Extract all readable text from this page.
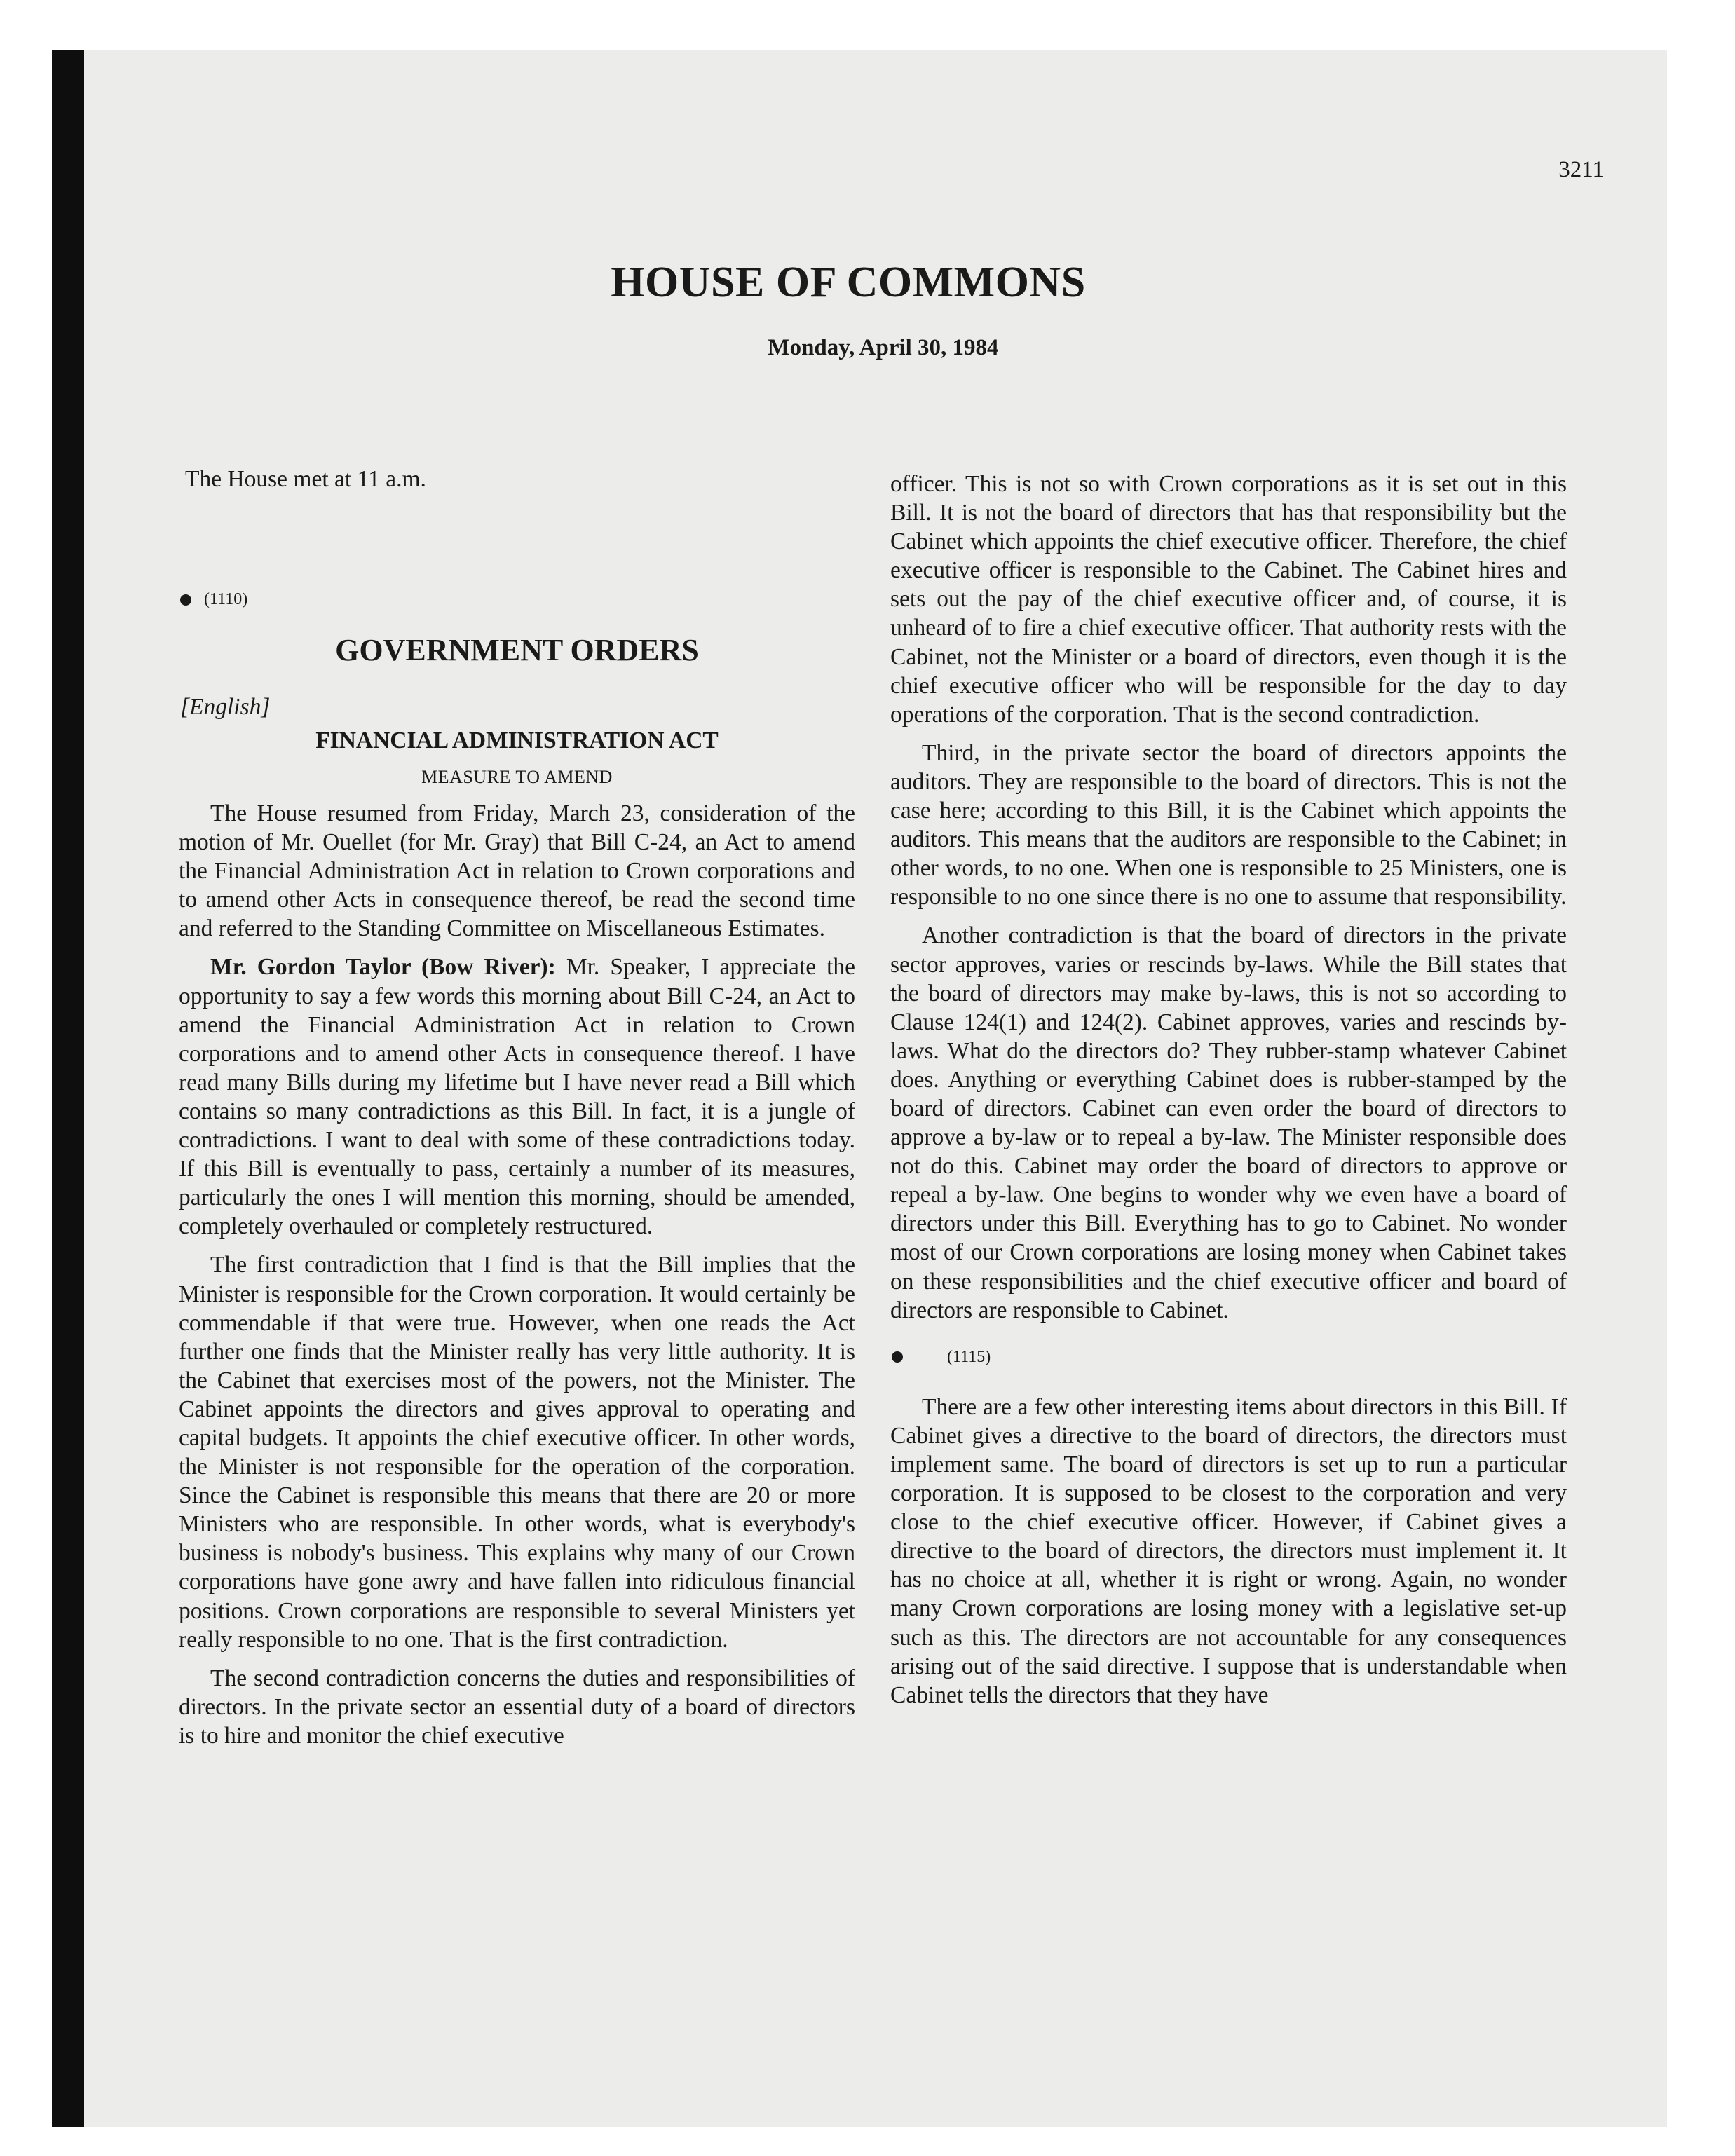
3211

HOUSE OF COMMONS

Monday, April 30, 1984

The House met at 11 a.m.

(1110)

GOVERNMENT ORDERS

[English]

FINANCIAL ADMINISTRATION ACT

MEASURE TO AMEND

The House resumed from Friday, March 23, consideration of the motion of Mr. Ouellet (for Mr. Gray) that Bill C-24, an Act to amend the Financial Administration Act in relation to Crown corporations and to amend other Acts in consequence thereof, be read the second time and referred to the Standing Committee on Miscellaneous Estimates.

Mr. Gordon Taylor (Bow River): Mr. Speaker, I appreciate the opportunity to say a few words this morning about Bill C-24, an Act to amend the Financial Administration Act in relation to Crown corporations and to amend other Acts in consequence thereof. I have read many Bills during my lifetime but I have never read a Bill which contains so many contradictions as this Bill. In fact, it is a jungle of contradictions. I want to deal with some of these contradictions today. If this Bill is eventually to pass, certainly a number of its measures, particularly the ones I will mention this morning, should be amended, completely overhauled or completely restructured.

The first contradiction that I find is that the Bill implies that the Minister is responsible for the Crown corporation. It would certainly be commendable if that were true. However, when one reads the Act further one finds that the Minister really has very little authority. It is the Cabinet that exercises most of the powers, not the Minister. The Cabinet appoints the directors and gives approval to operating and capital budgets. It appoints the chief executive officer. In other words, the Minister is not responsible for the operation of the corporation. Since the Cabinet is responsible this means that there are 20 or more Ministers who are responsible. In other words, what is everybody's business is nobody's business. This explains why many of our Crown corporations have gone awry and have fallen into ridiculous financial positions. Crown corporations are responsible to several Ministers yet really responsible to no one. That is the first contradiction.

The second contradiction concerns the duties and responsibilities of directors. In the private sector an essential duty of a board of directors is to hire and monitor the chief executive

officer. This is not so with Crown corporations as it is set out in this Bill. It is not the board of directors that has that responsibility but the Cabinet which appoints the chief executive officer. Therefore, the chief executive officer is responsible to the Cabinet. The Cabinet hires and sets out the pay of the chief executive officer and, of course, it is unheard of to fire a chief executive officer. That authority rests with the Cabinet, not the Minister or a board of directors, even though it is the chief executive officer who will be responsible for the day to day operations of the corporation. That is the second contradiction.

Third, in the private sector the board of directors appoints the auditors. They are responsible to the board of directors. This is not the case here; according to this Bill, it is the Cabinet which appoints the auditors. This means that the auditors are responsible to the Cabinet; in other words, to no one. When one is responsible to 25 Ministers, one is responsible to no one since there is no one to assume that responsibility.

Another contradiction is that the board of directors in the private sector approves, varies or rescinds by-laws. While the Bill states that the board of directors may make by-laws, this is not so according to Clause 124(1) and 124(2). Cabinet approves, varies and rescinds by-laws. What do the directors do? They rubber-stamp whatever Cabinet does. Anything or everything Cabinet does is rubber-stamped by the board of directors. Cabinet can even order the board of directors to approve a by-law or to repeal a by-law. The Minister responsible does not do this. Cabinet may order the board of directors to approve or repeal a by-law. One begins to wonder why we even have a board of directors under this Bill. Everything has to go to Cabinet. No wonder most of our Crown corporations are losing money when Cabinet takes on these responsibilities and the chief executive officer and board of directors are responsible to Cabinet.

(1115)

There are a few other interesting items about directors in this Bill. If Cabinet gives a directive to the board of directors, the directors must implement same. The board of directors is set up to run a particular corporation. It is supposed to be closest to the corporation and very close to the chief executive officer. However, if Cabinet gives a directive to the board of directors, the directors must implement it. It has no choice at all, whether it is right or wrong. Again, no wonder many Crown corporations are losing money with a legislative set-up such as this. The directors are not accountable for any consequences arising out of the said directive. I suppose that is understandable when Cabinet tells the directors that they have
